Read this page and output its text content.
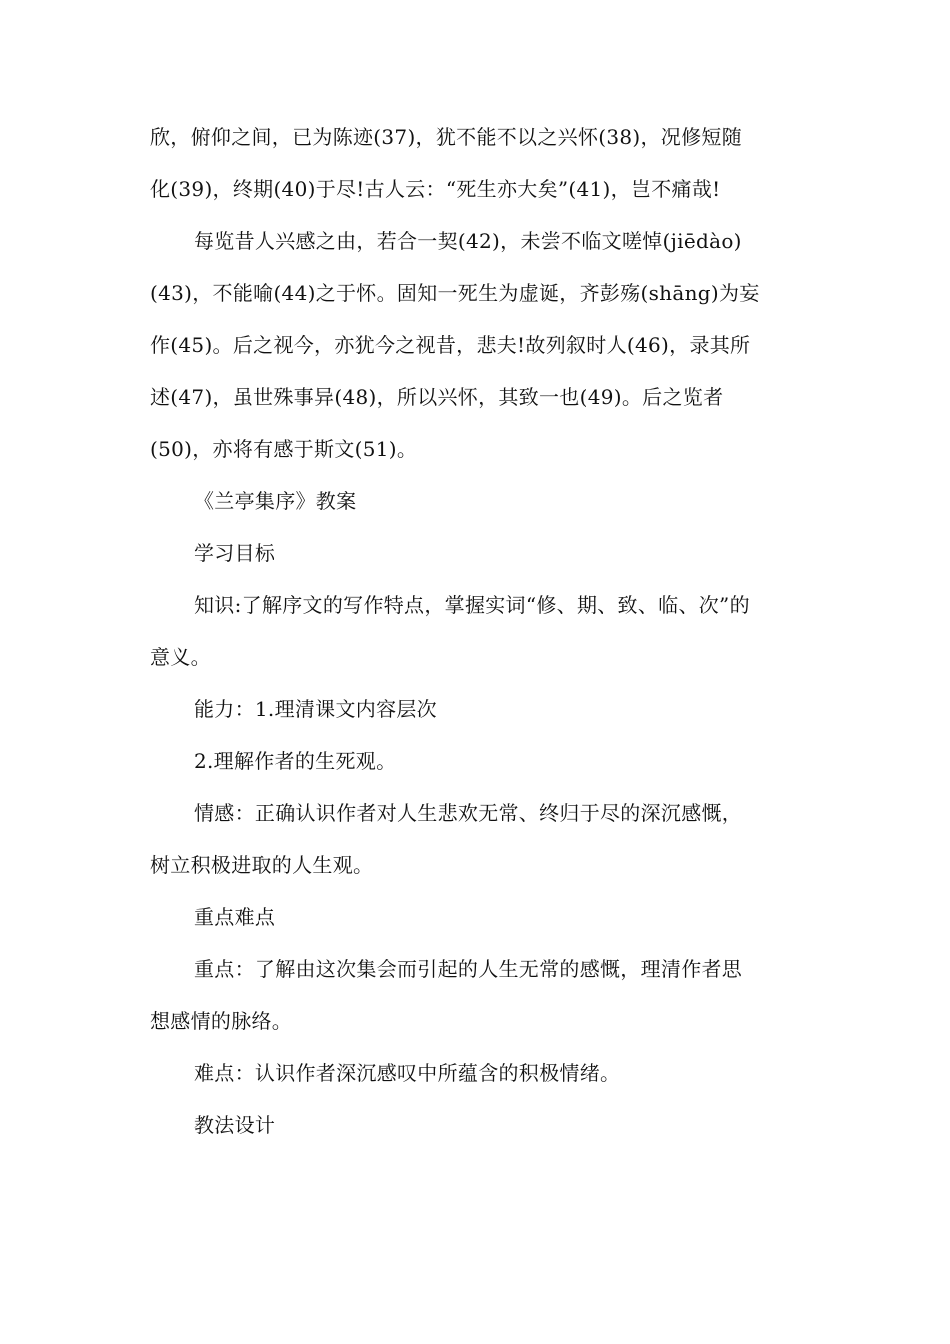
欣，俯仰之间，已为陈迹(37)，犹不能不以之兴怀(38)，况修短随
化(39)，终期(40)于尽!古人云：“死生亦大矣”(41)，岂不痛哉!
每览昔人兴感之由，若合一契(42)，未尝不临文嗟悼(jiēdào)
(43)，不能喻(44)之于怀。固知一死生为虚诞，齐彭殇(shāng)为妄
作(45)。后之视今，亦犹今之视昔，悲夫!故列叙时人(46)，录其所
述(47)，虽世殊事异(48)，所以兴怀，其致一也(49)。后之览者
(50)，亦将有感于斯文(51)。
《兰亭集序》教案
学习目标
知识:了解序文的写作特点，掌握实词“修、期、致、临、次”的
意义。
能力：1.理清课文内容层次
2.理解作者的生死观。
情感：正确认识作者对人生悲欢无常、终归于尽的深沉感慨，
树立积极进取的人生观。
重点难点
重点：了解由这次集会而引起的人生无常的感慨，理清作者思
想感情的脉络。
难点：认识作者深沉感叹中所蕴含的积极情绪。
教法设计
